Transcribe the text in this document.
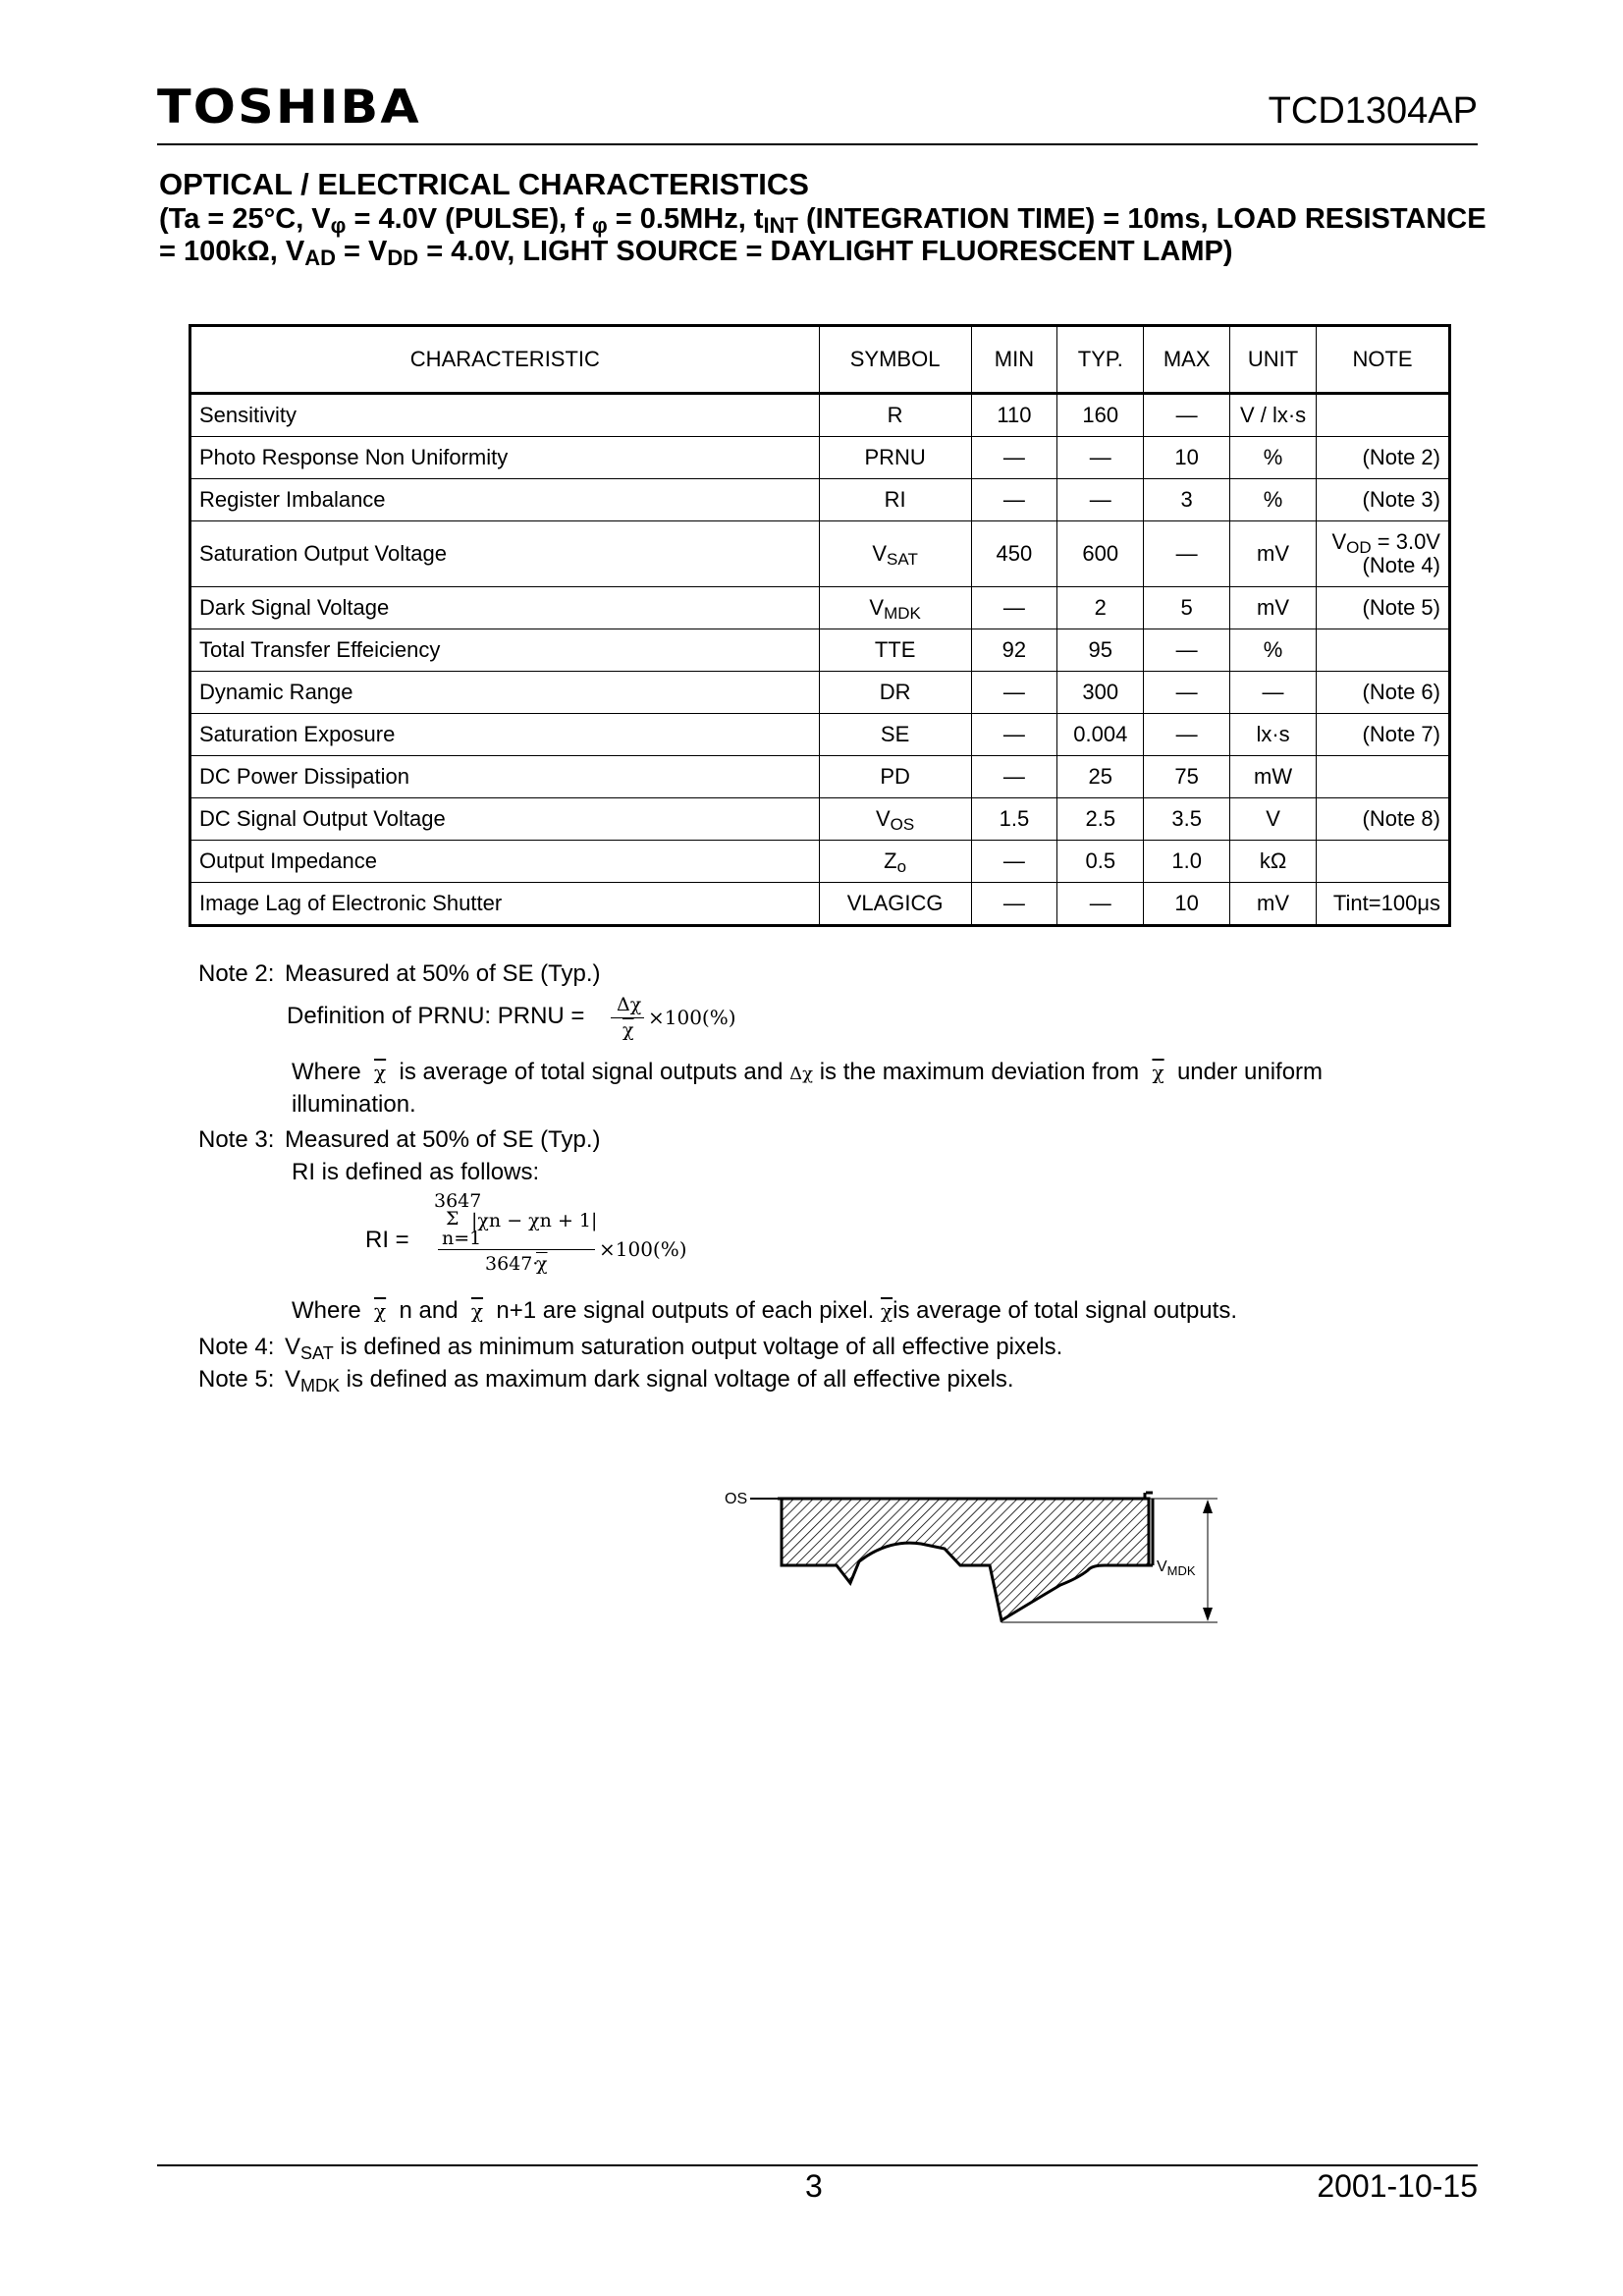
TOSHIBA	TCD1304AP
OPTICAL / ELECTRICAL CHARACTERISTICS
(Ta = 25°C, $V_\varphi = 4.0V$ (PULSE), f $_\varphi$ = 0.5MHz, $t_{INT}$ (INTEGRATION TIME) = 10ms, LOAD RESISTANCE = 100kΩ, $V_{AD} = V_{DD} = 4.0V$, LIGHT SOURCE = DAYLIGHT FLUORESCENT LAMP)
CHARACTERISTIC	SYMBOL	MIN	TYP.	MAX	UNIT	NOTE
Sensitivity	R	110	160	—	V / lx·s	
Photo Response Non Uniformity	PRNU	—	—	10	%	(Note 2)
Register Imbalance	RI	—	—	3	%	(Note 3)
Saturation Output Voltage	$V_{SAT}$	450	600	—	mV	$V_{OD} = 3.0V$
(Note 4)

Dark Signal Voltage	$V_{MDK}$	—	2	5	mV	(Note 5)
Total Transfer Effeiciency	TTE	92	95	—	%	
Dynamic Range	DR	—	300	—	—	(Note 6)
Saturation Exposure	SE	—	0.004	—	lx·s	(Note 7)
DC Power Dissipation	PD	—	25	75	mW	
DC Signal Output Voltage	$V_{OS}$	1.5	2.5	3.5	V	(Note 8)
Output Impedance	$Z_o$	—	0.5	1.0	kΩ	
Image Lag of Electronic Shutter	VLAGICG	—	—	10	mV	Tint=100μs
Note 2: Measured at 50% of SE (Typ.)
Definition of PRNU: PRNU = Δχ
$\overline{\chi}$
×100(%)
Where $\overline{\chi}$ is average of total signal outputs and Δχ is the maximum deviation from $\overline{\chi}$ under uniform
illumination.
Note 3: Measured at 50% of SE (Typ.)
RI is defined as follows:
RI =
3647
Σ |χn − χn + 1|
n=1
3647·
$\overline{\chi}$
×100(%)
Where $\overline{\chi}$ n and $\overline{\chi}$ n+1 are signal outputs of each pixel. $\overline{\chi}is$ average of total signal outputs.
Note 4: $V_{SAT}$ is defined as minimum saturation output voltage of all effective pixels.
Note 5: $V_{MDK}$ is defined as maximum dark signal voltage of all effective pixels.
OS
$V_{MDK}$
3	2001-10-15
